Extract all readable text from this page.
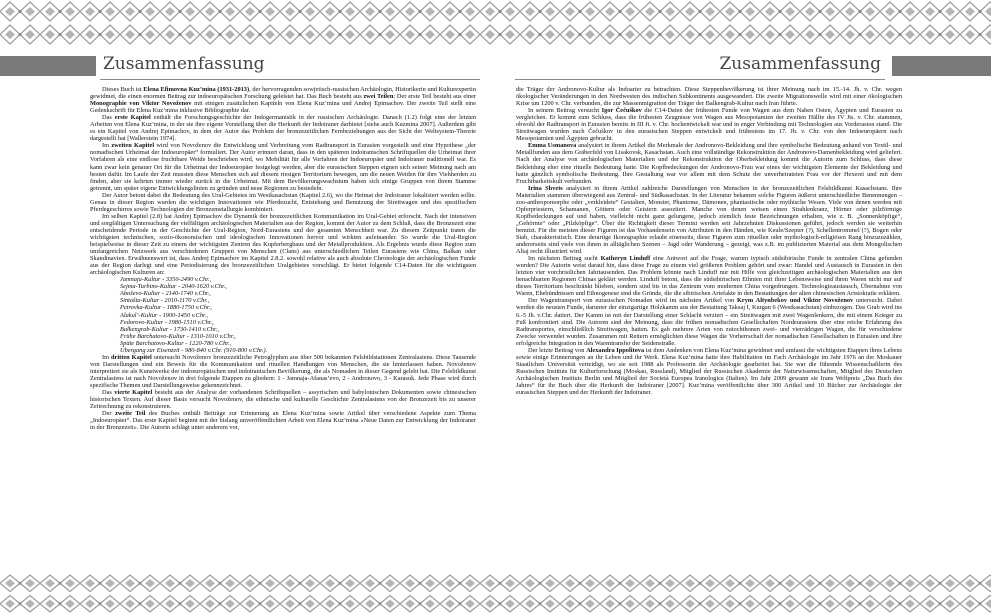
Zusammenfassung	Zusammenfassung

Dieses Buch ist Elena Efimovna Kuz’mina (1931-2013), der hervorragenden sowjetisch-russischen Archäologin, Historikerin und Kulturexpertin gewidmet, die einen enormen Beitrag zur indoeuropäischen Forschung geleistet hat. Das Buch besteht aus zwei Teilen: Der erste Teil besteht aus einer Monographie von Viktor Novoženov mit einigen zusätzlichen Kapiteln von Elena Kuz’mina und Andrej Epimachov. Der zweite Teil stellt eine Gedenkschrift für Elena Kuz’mina inklusive Bibliographie dar.

Das erste Kapitel enthält die Forschungsgeschichte der Indogermanistik in der russischen Archäologie. Danach (1.2) folgt eine der letzten Arbeiten von Elena Kuz’mina, in der sie ihre eigene Vorstellung über die Herkunft der Indoiraner darbietet [siehe auch Kuzmina 2007]. Außerdem gibt es ein Kapitel von Andrej Epimachov, in dem der Autor das Problem der bronzezeitlichen Fernbeziehungen aus der Sicht der Weltsystem-Theorie dargestellt hat [Wallerstein 1974].

Im zweiten Kapitel wird von Novoženov die Entwicklung und Verbreitung vom Radtransport in Eurasien vorgestellt und eine Hypothese „der nomadischen Urheimat der Indoeuropäer“ formuliert. Der Autor erinnert daran, dass in den späteren indoiranischen Schriftquellen die Urheimat ihrer Vorfahren als eine endlose fruchtbare Weide beschrieben wird, wo Mobilität für alle Vorfahren der Indoeuropäer und Indoiraner traditionell war. Es kann zwar kein genauer Ort für die Urheimat der Indoeuropäer festgelegt werden, aber die eurasischen Steppen eignen sich seiner Meinung nach am besten dafür. Im Laufe der Zeit mussten diese Menschen sich auf diesem riesigen Territorium bewegen, um die neuen Weiden für ihre Viehherden zu finden, aber sie kehrten immer wieder zurück in die Urheimat. Mit dem Bevölkerungswachstum haben sich einige Gruppen von ihrem Stamme getrennt, um später eigene Entwicklungslinien zu gründen und neue Regionen zu besiedeln.

Der Autor betont dabei die Bedeutung des Ural-Gebietes im Westkasachstan (Kapitel 2.6), wo die Heimat der Indoiraner lokalisiert werden sollte. Genau in dieser Region wurden die wichtigen Innovationen wie Pferdezucht, Entstehung und Benutzung der Streitwagen und des spezifischen Pferdegeschirres sowie Technologien der Bronzemetallurgie kombiniert.

Im selben Kapitel (2.8) hat Andrej Epimachov die Dynamik der bronzezeitlichen Kommunikation im Ural-Gebiet erforscht. Nach der intensiven und sorgfältigen Untersuchung der vielfältigen archäologischen Materialien aus der Region, kommt der Autor zu dem Schluß, dass die Bronzezeit eine entscheidende Periode in der Geschichte der Ural-Region, Nord-Eurasiens und der gesamten Menschheit war. Zu diesem Zeitpunkt traten die wichtigsten technischen, sozio-ökonomischen und ideologischen Innovationen hervor und wirkten aufeinander. So wurde die Ural-Region beispielweise in dieser Zeit zu einem der wichtigsten Zentren des Kupferbergbaus und der Metallproduktion. Als Ergebnis wurde diese Region zum umfangreichen Netzwerk aus verschiedenen Gruppen von Menschen (Clans) aus unterschiedlichen Teilen Eurasiens wie China, Balkan oder Skandinavien. Erwähnenswert ist, dass Andrej Epimachov im Kapitel 2.8.2. sowohl relative als auch absolute Chronologie der archäologischen Funde aus der Region darlegt und eine Periodisierung des bronzezeitlichen Uralgebietes vorschlägt. Er bietet folgende C14-Daten für die wichtigsten archäologischen Kulturen an:

Jamnaja-Kultur - 3350-2490 v.Chr.,
Sejma-Turbino-Kultur - 2040-1620 v.Chr.,
Abaševo-Kultur - 2140-1740 v.Chr.,
Sintašta-Kultur - 2010-1170 v.Chr.,
Petrovka-Kultur - 1880-1750 v.Chr.,
Alakul’-Kultur - 1900-1450 v.Chr.,
Fedorovo-Kultur - 1980-1510 v.Chr.,
Balkengrab-Kultur - 1730-1410 v.Chr.,
Frühe Barchatovo-Kultur - 1310-1010 v.Chr.,
Späte Barchatovo-Kultur - 1220-780 v.Chr.,
Übergang zur Eisenzeit - 980-840 v.Chr. (910-800 v.Chr.).

Im dritten Kapitel untersucht Novoženov bronzezeitliche Petroglyphen aus über 500 bekannten Felsbildstationen Zentralasiens. Diese Tausende von Darstellungen sind ein Beweis für die Kommunikation und rituellen Handlungen von Menschen, die sie hinterlassen haben. Novoženov interpretiert sie als Kunstwerke der indoeuropäischen und indoiranischen Bevölkerung, die als Nomaden in dieser Gegend gelebt hat. Die Felsbildkunst Zentralasiens ist nach Novoženov in drei folgende Etappen zu gliedern: 1 - Jamnaja-Afanas’evo, 2 - Andronovo, 3 - Karasuk. Jede Phase wird durch spezifische Themen und Darstellungsweise gekennzeichnet.

Das vierte Kapitel besteht aus der Analyse der vorhandenen Schriftquellen – assyrischen und babylonischen Dokumenten sowie chinesischen historischen Texten. Auf dieser Basis versucht Novoženov, die ethnische und kulturelle Geschichte Zentralasiens von der Bronzezeit bis zu unserer Zeitrechnung zu rekonstruieren.

Der zweite Teil des Buches enthält Beiträge zur Erinnerung an Elena Kuz’mina sowie Artikel über verschiedene Aspekte zum Thema „Indoeuropäer“. Das erste Kapitel beginnt mit der bislang unveröffentlichten Arbeit von Elena Kuz’mina «Neue Daten zur Entwicklung der Indoiraner in der Bronzezeit». Die Autorin schlägt unter anderem vor,

die Träger der Andronovo-Kultur als Indoarier zu betrachten. Diese Steppenbevölkerung ist ihrer Meinung nach im 15.-14. Jh. v. Chr. wegen ökologischer Veränderungen in den Nordwesten des indischen Subkontinents ausgewandert. Die zweite Migrationswelle wird mit einer ökologischen Krise um 1200 v. Chr. verbunden, die zur Massenmigration der Träger der Balkengrab-Kultur nach Iran führte.

In seinem Beitrag versucht Igor Čečuškov die C14-Daten der frühesten Funde von Wagen aus dem Nahen Osten, Ägypten und Eurasien zu vergleichen. Er kommt zum Schluss, dass die frühesten Zeugnisse von Wagen aus Mesopotamien der zweiten Hälfte des IV Jts. v. Chr. stammen, obwohl der Radtransport in Eurasien bereits in III Jt. v. Chr. hochentwickelt war und in enger Verbindung mit Technologien aus Vorderasien stand. Die Streitwagen wurden nach Čečuškov in den eurasischen Steppen entwickelt und frühestens im 17. Jh. v. Chr. von den Indoeuropäern nach Mesopotamien und Ägypten gebracht.

Emma Usmanova analysiert in ihrem Artikel die Merkmale der Andronovo-Bekleidung und ihre symbolische Bedeutung anhand von Textil- und Metallfunden aus dem Gräberfeld von Lisakovsk, Kasachstan. Auch eine vollständige Rekonstruktion der Andronovo-Damenbekleidung wird geliefert. Nach der Analyse von archäologischen Materialien und der Rekonstruktion der Oberbekleidung kommt die Autorin zum Schluss, dass diese Bekleidung eher eine rituelle Bedeutung hatte. Die Kopfbedeckungen der Andronovo-Frau war eines der wichtigsten Elemente der Bekleidung und hatte gänzlich symbolische Bedeutung. Ihre Gestaltung war vor allem mit dem Schutz der unverheirateten Frau vor der Hexerei und mit dem Fruchtbarkeitskult verbunden.

Irina Shvets analysiert in ihrem Artikel zahlreiche Darstellungen von Menschen in der bronzezeitlichen Felsbildkunst Kasachstans. Ihre Materialien stammen überwiegend aus Zentral- und Südkasachstan. In der Literatur bekamen solche Figuren äußerst unterschiedliche Benennungen – zoo-anthropomorphe oder „verkleidete“ Gestalten, Monster, Phantome, Dämonen, phantastische oder mythische Wesen. Viele von denen werden mit Opferpriestern, Schamanen, Göttern oder Geistern assoziiert. Manche von denen weisen einen Strahlenkranz, Hörner oder pilzförmige Kopfbedeckungen auf und haben, vielleicht nicht ganz gelungene, jedoch ziemlich feste Bezeichnungen erhalten, wie z. B. „Sonnenköpfige“, „Gehörnte“ oder „Pilzköpfige“. Über die Richtigkeit dieser Termini werden seit Jahrzehnten Diskussionen geführt, jedoch werden sie weiterhin benutzt. Für die meisten dieser Figuren ist das Vorhandensein von Attributen in den Händen, wie Keule/Szepter (?), Schellentrommel (?), Bogen oder Stab, charakteristisch. Eine derartige Ikonographie erlaubt einerseits, diese Figuren zum rituellen oder mythologisch-religiösen Rang hinzuzuzählen, andererseits sind viele von ihnen in alltäglichen Szenen – Jagd oder Wanderung – gezeigt, was z.B. im publizierten Material aus dem Mongolischen Altaj recht illustriert wird.

Im nächsten Beitrag sucht Katheryn Linduff eine Antwort auf die Frage, warum typisch südsibirische Funde in zentralen China gefunden wurden? Die Autorin weist darauf hin, dass diese Frage zu einem viel größeren Problem gehört und zwar: Handel und Austausch in Eurasien in den letzten vier vorchristlichen Jahrtausenden. Das Problem könnte nach Linduff nur mit Hilfe von gleichzeitigen archäologischen Materialien aus den benachbarten Regionen Chinas geklärt werden. Linduff betont, dass die südsibirischen Ethnien mit ihrer Lebensweise und ihren Waren nicht nur auf dieses Territorium beschränkt blieben, sondern sind bis in das Zentrum vom modernen China vorgedrungen. Technologieaustausch, Übernahme von Waren, Ehebündnissen und Ethnogenese sind die Gründe, die die sibirischen Artefakte in den Bestattungen der alten chinesischen Aristokratie erklären.

Der Wagentransport von eurasischen Nomaden wird im nächsten Artikel von Krym Altynbekov und Viktor Novoženov untersucht. Dabei werden die neusten Funde, darunter der einzigartige Holzkamm aus der Bestattung Taksaj I, Kurgan 6 (Westkasachstan) einbezogen. Das Grab wird ins 6.-5 Jh. v.Chr. datiert. Der Kamm ist mit der Darstellung einer Schlacht verziert – ein Streitwagen mit zwei Wagenlenkern, die mit einem Krieger zu Fuß konfrontiert sind. Die Autoren sind der Meinung, dass die frühen nomadischen Gesellschaften Nordeurasiens über eine reiche Erfahrung des Radtransportes, einschließlich Streitwagen, hatten. Es gab mehrere Arten von zutochthonen zwei- und vierrädrigen Wagen, die für verschiedene Zwecke verwendet wurden. Zusammen mit Reitern ermöglichten diese Wagen die Vorherrschaft der nomadischen Gesellschaften in Eurasien und ihre erfolgreiche Integration in den Warentransfer der Seidenstraße.

Der letzte Beitrag von Alexandra Ippolitova ist dem Andenken von Elena Kuz’mina gewidmet und umfasst die wichtigsten Etappen ihres Lebens sowie einige Erinnerungen an ihr Leben und ihr Werk. Elena Kuz’mina hatte ihre Habilitation im Fach Archäologie im Jahr 1976 an der Moskauer Staatlichen Universität verteidigt, wo sie seit 1988 als Professorin der Archäologie gearbeitet hat. Sie war die führende Wissenschaftlerin des Russischen Instituts für Kulturforschung (Moskau, Russland), Mitglied der Russischen Akademie der Naturwissenschaften, Mitglied des Deutschen Archäologischen Instituts Berlin und Mitglied der Società Europea Iranologica (Italien). Im Jahr 2009 gewann sie Irans Weltpreis „Das Buch des Jahres“ für ihr Buch über die Herkunft der Indoiraner [2007]. Kuz’mina veröffentlichte über 300 Artikel und 10 Bücher zur Archäologie der eurasischen Steppen und der Herkunft der Indoiraner.
